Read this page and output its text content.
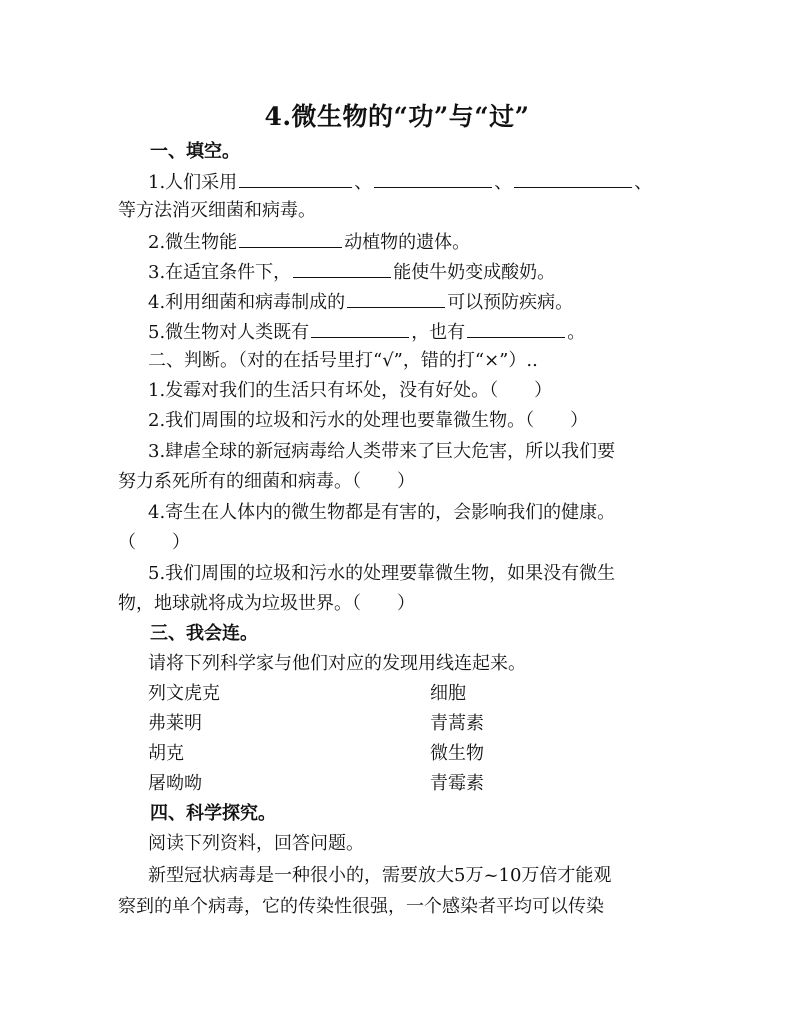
4.微生物的“功”与“过”
一、填空。
1.人们采用	、	、	、
等方法消灭细菌和病毒。
2.微生物能	动植物的遗体。
3.在适宜条件下，	能使牛奶变成酸奶。
4.利用细菌和病毒制成的	可以预防疾病。
5.微生物对人类既有	，也有	。
二、判断。（对的在括号里打“√”，错的打“×”）..
1.发霉对我们的生活只有坏处，没有好处。（　　）
2.我们周围的垃圾和污水的处理也要靠微生物。（　　）
3.肆虐全球的新冠病毒给人类带来了巨大危害，所以我们要
努力系死所有的细菌和病毒。（　　）
4.寄生在人体内的微生物都是有害的，会影响我们的健康。
（　　）
5.我们周围的垃圾和污水的处理要靠微生物，如果没有微生
物，地球就将成为垃圾世界。（　　）
三、我会连。
请将下列科学家与他们对应的发现用线连起来。
列文虎克	细胞
弗莱明	青蒿素
胡克	微生物
屠呦呦	青霉素
四、科学探究。
阅读下列资料，回答问题。
新型冠状病毒是一种很小的，需要放大5万~10万倍才能观
察到的单个病毒，它的传染性很强，一个感染者平均可以传染
